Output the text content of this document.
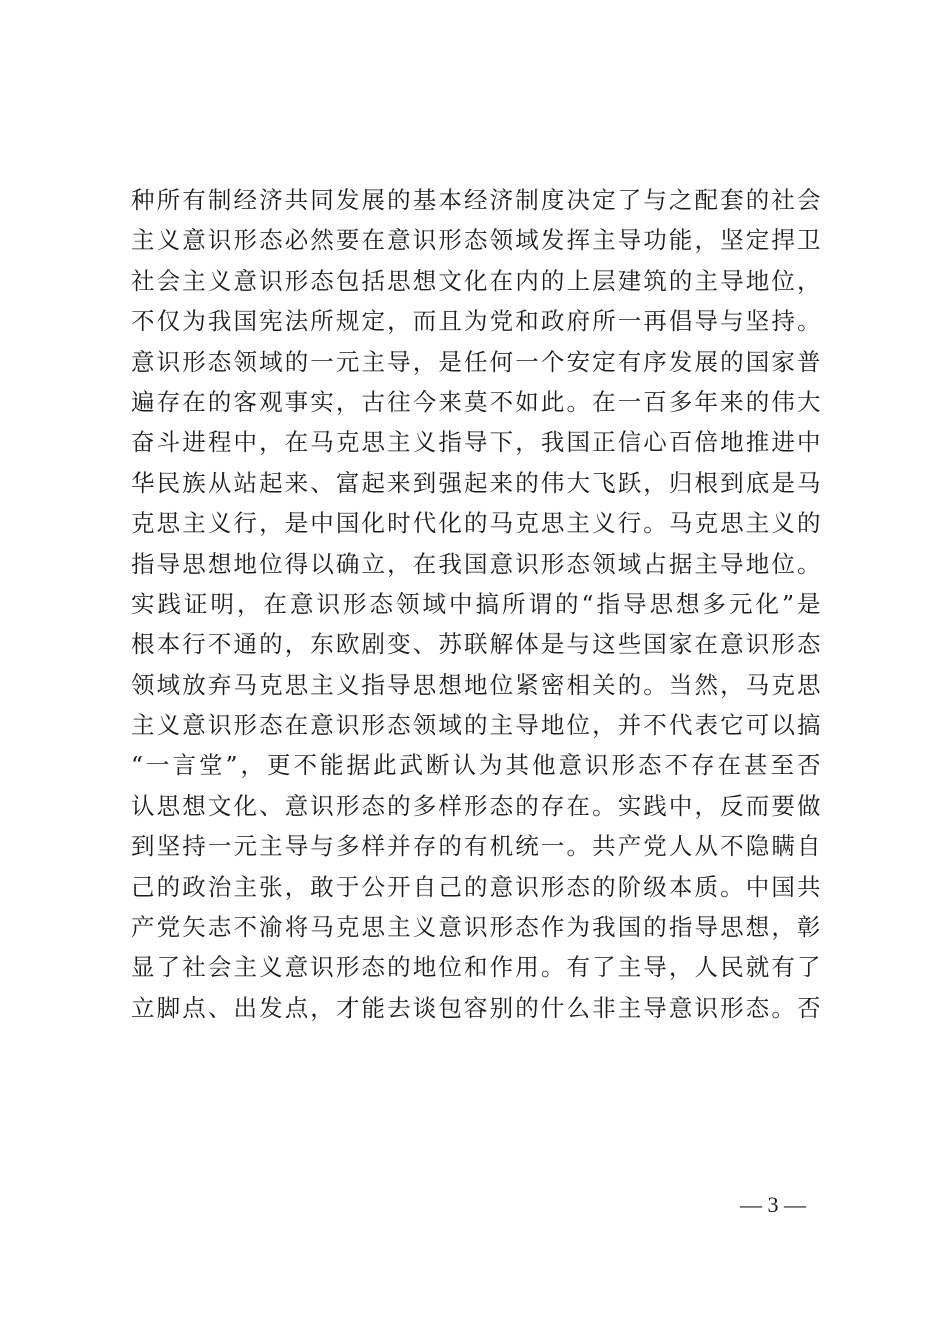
种所有制经济共同发展的基本经济制度决定了与之配套的社会
主义意识形态必然要在意识形态领域发挥主导功能，坚定捍卫
社会主义意识形态包括思想文化在内的上层建筑的主导地位，
不仅为我国宪法所规定，而且为党和政府所一再倡导与坚持。
意识形态领域的一元主导，是任何一个安定有序发展的国家普
遍存在的客观事实，古往今来莫不如此。在一百多年来的伟大
奋斗进程中，在马克思主义指导下，我国正信心百倍地推进中
华民族从站起来、富起来到强起来的伟大飞跃，归根到底是马
克思主义行，是中国化时代化的马克思主义行。马克思主义的
指导思想地位得以确立，在我国意识形态领域占据主导地位。
实践证明，在意识形态领域中搞所谓的“指导思想多元化”是
根本行不通的，东欧剧变、苏联解体是与这些国家在意识形态
领域放弃马克思主义指导思想地位紧密相关的。当然，马克思
主义意识形态在意识形态领域的主导地位，并不代表它可以搞
“一言堂”，更不能据此武断认为其他意识形态不存在甚至否
认思想文化、意识形态的多样形态的存在。实践中，反而要做
到坚持一元主导与多样并存的有机统一。共产党人从不隐瞒自
己的政治主张，敢于公开自己的意识形态的阶级本质。中国共
产党矢志不渝将马克思主义意识形态作为我国的指导思想，彰
显了社会主义意识形态的地位和作用。有了主导，人民就有了
立脚点、出发点，才能去谈包容别的什么非主导意识形态。否
— 3 —
